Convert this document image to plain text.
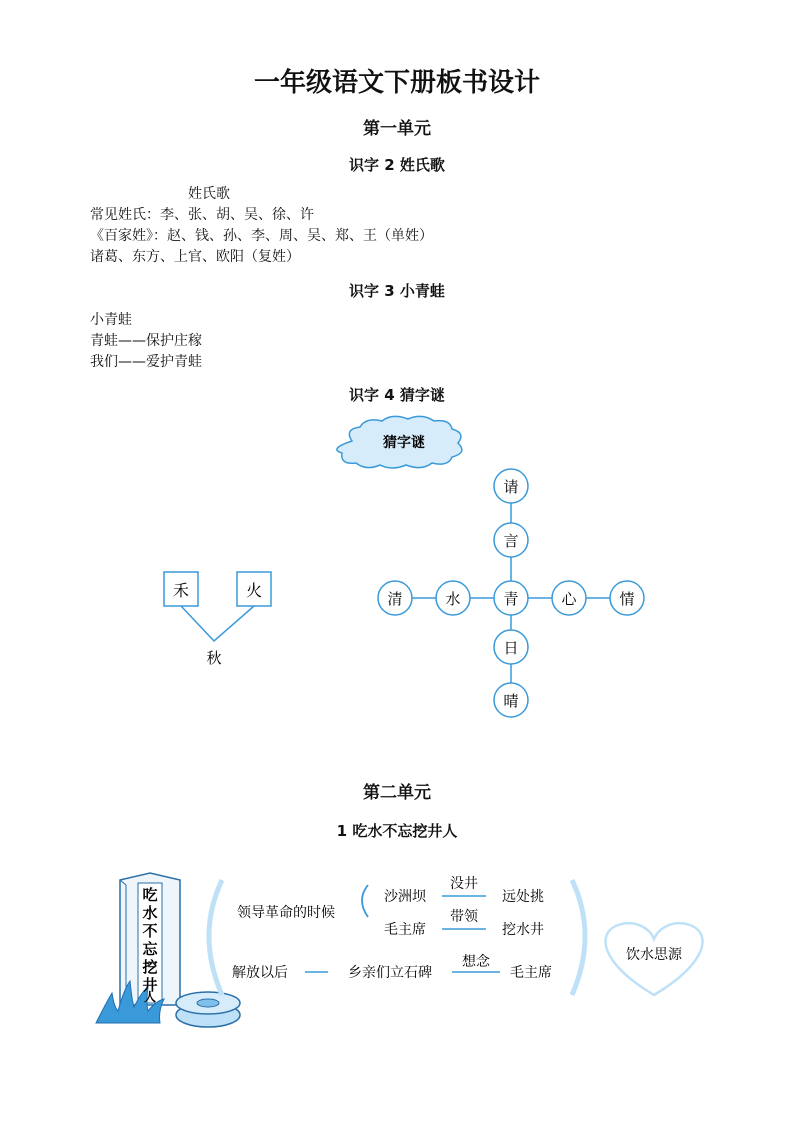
一年级语文下册板书设计
第一单元
识字 2 姓氏歌
姓氏歌
常见姓氏：李、张、胡、吴、徐、许
《百家姓》：赵、钱、孙、李、周、吴、郑、王（单姓）
诸葛、东方、上官、欧阳（复姓）
识字 3 小青蛙
小青蛙
青蛙——保护庄稼
我们——爱护青蛙
识字 4 猜字谜
猜字谜
禾	火
秋
请
言
青
日
晴
清	水	心	情
第二单元
1 吃水不忘挖井人
吃
水
不
忘
挖
井
人
领导革命的时候
沙洲坝
没井
远处挑
毛主席
带领
挖水井
解放以后	乡亲们立石碑
想念
毛主席
饮水思源
